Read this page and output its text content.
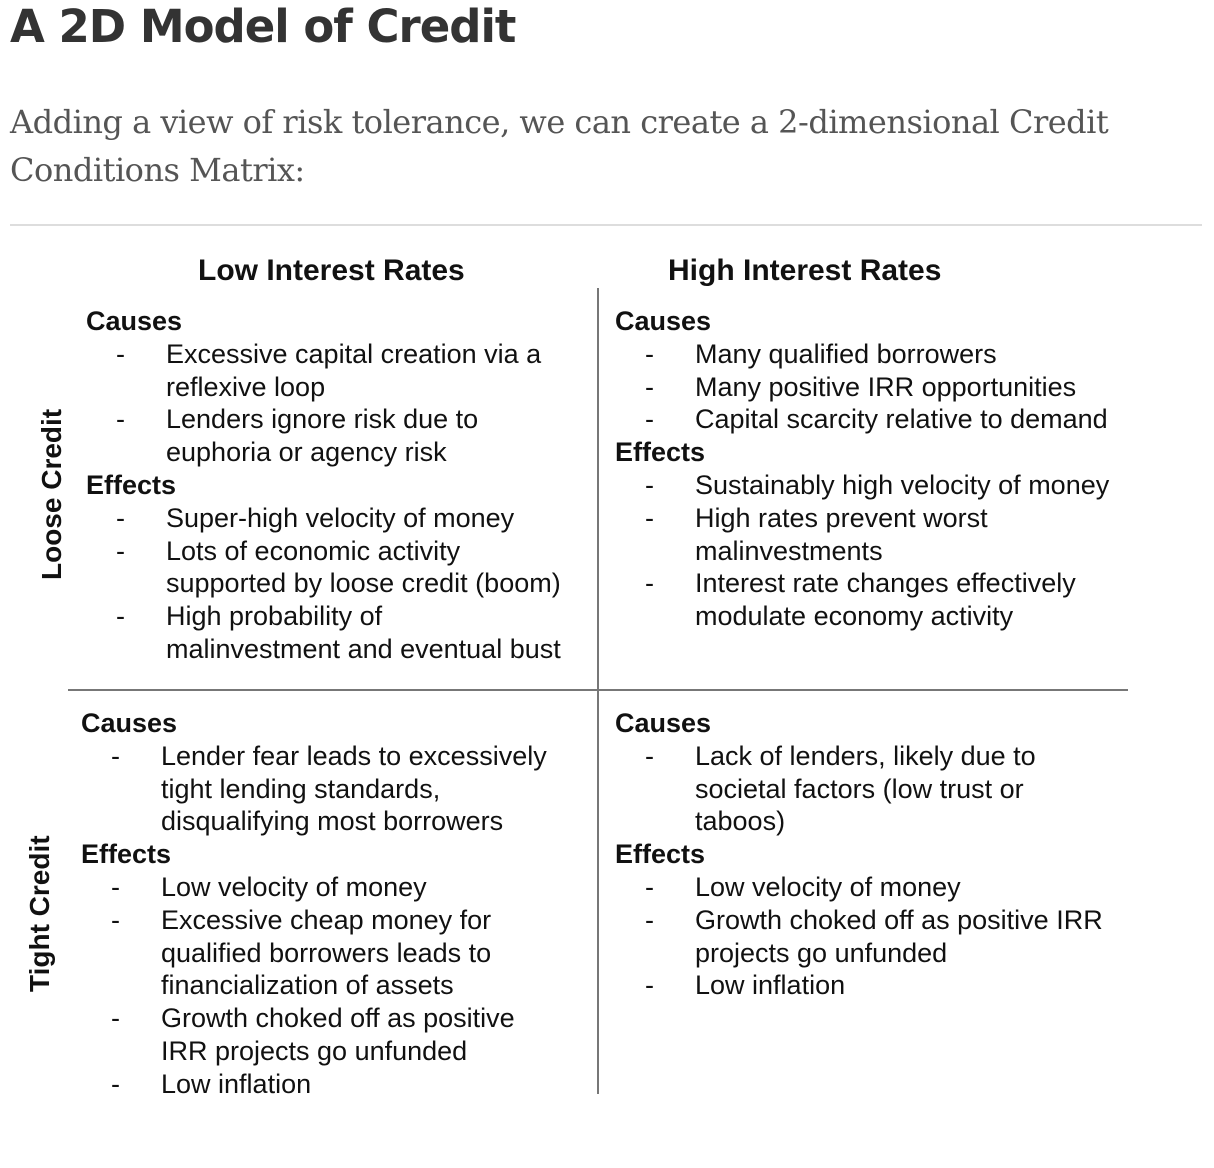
A 2D Model of Credit
Adding a view of risk tolerance, we can create a 2-dimensional Credit Conditions Matrix:
Low Interest Rates	High Interest Rates
Loose Credit
Tight Credit
Causes
-	Excessive capital creation via a
reflexive loop
-	Lenders ignore risk due to
euphoria or agency risk
Effects
-	Super-high velocity of money
-	Lots of economic activity
supported by loose credit (boom)
-	High probability of
malinvestment and eventual bust
Causes
-	Many qualified borrowers
-	Many positive IRR opportunities
-	Capital scarcity relative to demand
Effects
-	Sustainably high velocity of money
-	High rates prevent worst
malinvestments
-	Interest rate changes effectively
modulate economy activity
Causes
-	Lender fear leads to excessively
tight lending standards,
disqualifying most borrowers
Effects
-	Low velocity of money
-	Excessive cheap money for
qualified borrowers leads to
financialization of assets
-	Growth choked off as positive
IRR projects go unfunded
-	Low inflation
Causes
-	Lack of lenders, likely due to
societal factors (low trust or
taboos)
Effects
-	Low velocity of money
-	Growth choked off as positive IRR
projects go unfunded
-	Low inflation
